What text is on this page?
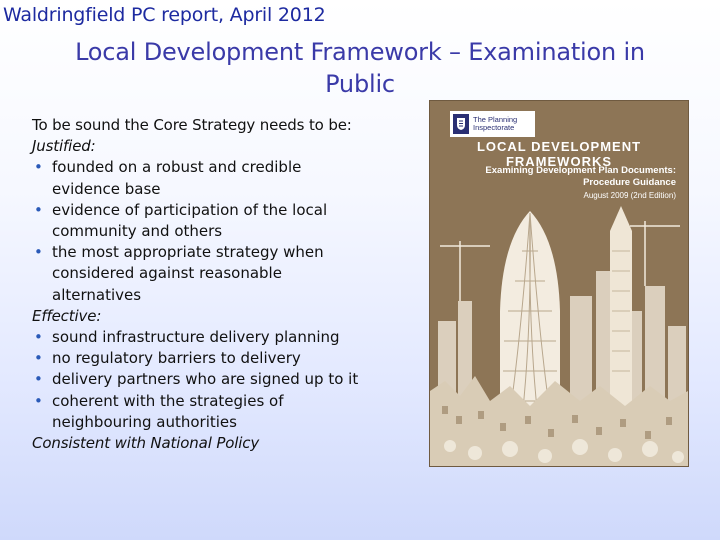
Waldringfield PC report, April 2012
Local Development Framework – Examination in
Public
To be sound the Core Strategy needs to be:
Justified:
• founded on a robust and credible
evidence base
• evidence of participation of the local
community and others
• the most appropriate strategy when
considered against reasonable
alternatives
Effective:
• sound infrastructure delivery planning
• no regulatory barriers to delivery
• delivery partners who are signed up to it
• coherent with the strategies of
neighbouring authorities
Consistent with National Policy
The Planning
Inspectorate
LOCAL DEVELOPMENT FRAMEWORKS
Examining Development Plan Documents:
Procedure Guidance
August 2009 (2nd Edition)
